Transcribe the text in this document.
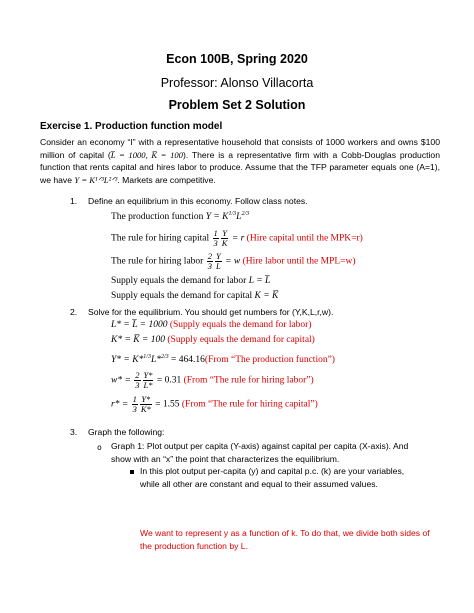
Econ 100B, Spring 2020
Professor: Alonso Villacorta
Problem Set 2 Solution
Exercise 1. Production function model
Consider an economy “I” with a representative household that consists of 1000 workers and owns $100 million of capital (L̅ = 1000, K̅ = 100). There is a representative firm with a Cobb-Douglas production function that rents capital and hires labor to produce. Assume that the TFP parameter equals one (A=1), we have Y = K¹ᐟ³L²ᐟ³. Markets are competitive.
1. Define an equilibrium in this economy. Follow class notes.
The production function $Y = K^{1/3}L^{2/3}$
The rule for hiring capital $\frac{1}{3} \frac{Y}{K} = r$ (Hire capital until the MPK=r)
The rule for hiring labor $\frac{2}{3} \frac{Y}{L} = w$ (Hire labor until the MPL=w)
Supply equals the demand for labor L = L̅
Supply equals the demand for capital K = K̅
2. Solve for the equilibrium. You should get numbers for (Y,K,L,r,w).
L* = L̅ = 1000 (Supply equals the demand for labor)
K* = K̅ = 100 (Supply equals the demand for capital)
Y* = K*$^{1/3}$L*$^{2/3}$ = 464.16(From “The production function”)
$w* = \frac{2}{3} \frac{Y*}{L*} = 0.31$ (From “The rule for hiring labor”)
$r* = \frac{1}{3} \frac{Y*}{K*} = 1.55$ (From “The rule for hiring capital”)
3. Graph the following:
o Graph 1: Plot output per capita (Y-axis) against capital per capita (X-axis). And
show with an “x” the point that characterizes the equilibrium.
In this plot output per-capita (y) and capital p.c. (k) are your variables,
while all other are constant and equal to their assumed values.
We want to represent y as a function of k. To do that, we divide both sides of the production function by L.
